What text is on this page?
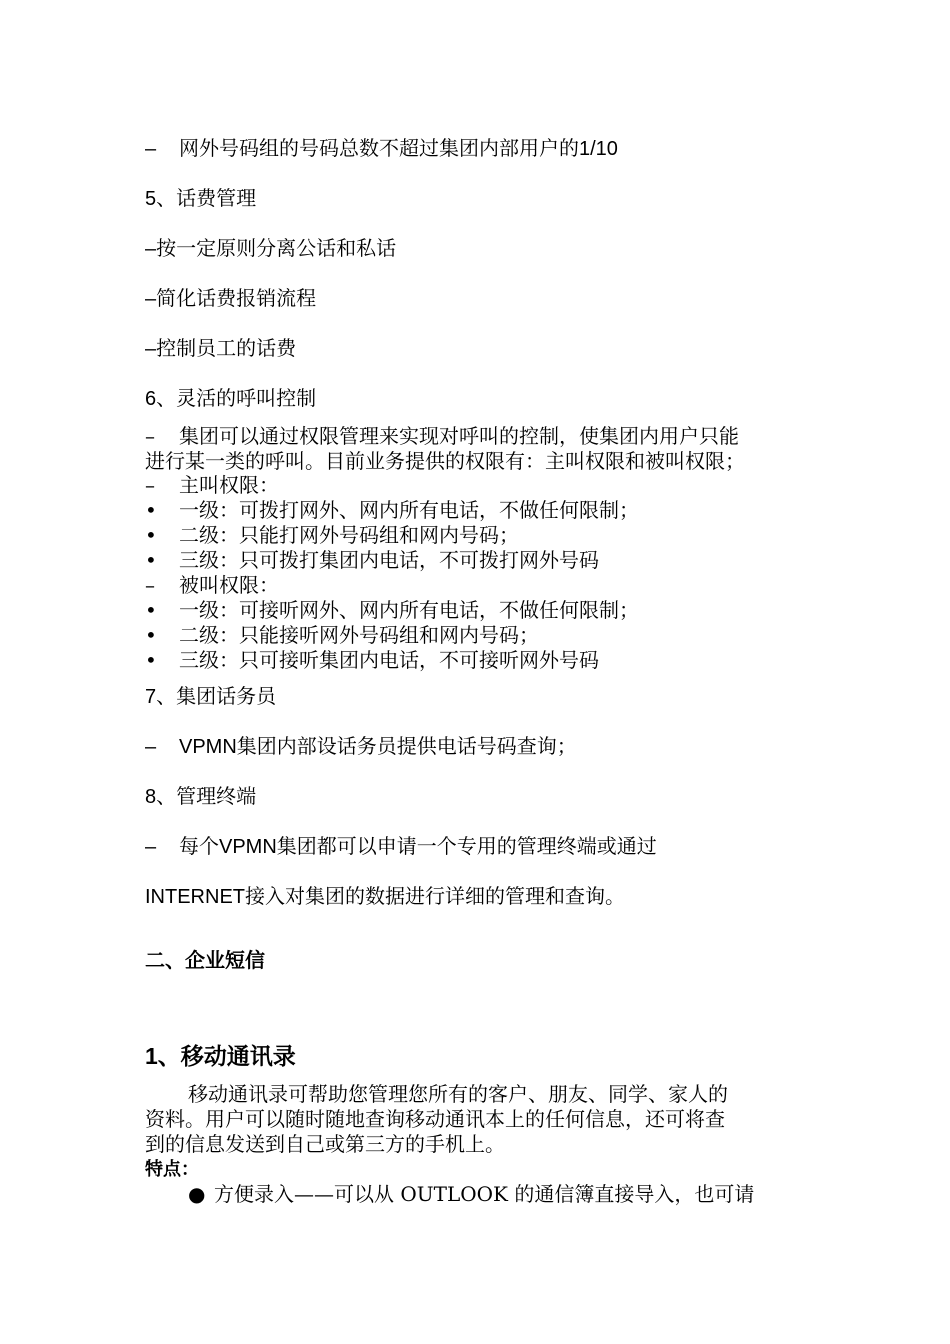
– 网外号码组的号码总数不超过集团内部用户的1/10
5、话费管理
–按一定原则分离公话和私话
–简化话费报销流程
–控制员工的话费
6、灵活的呼叫控制
– 集团可以通过权限管理来实现对呼叫的控制，使集团内用户只能
进行某一类的呼叫。目前业务提供的权限有：主叫权限和被叫权限；
– 主叫权限：
• 一级：可拨打网外、网内所有电话，不做任何限制；
• 二级：只能打网外号码组和网内号码；
• 三级：只可拨打集团内电话，不可拨打网外号码
– 被叫权限：
• 一级：可接听网外、网内所有电话，不做任何限制；
• 二级：只能接听网外号码组和网内号码；
• 三级：只可接听集团内电话，不可接听网外号码
7、集团话务员
– VPMN集团内部设话务员提供电话号码查询；
8、管理终端
– 每个VPMN集团都可以申请一个专用的管理终端或通过
INTERNET接入对集团的数据进行详细的管理和查询。
二、企业短信
1、移动通讯录
移动通讯录可帮助您管理您所有的客户、朋友、同学、家人的
资料。用户可以随时随地查询移动通讯本上的任何信息，还可将查
到的信息发送到自己或第三方的手机上。
特点：
● 方便录入——可以从 OUTLOOK 的通信簿直接导入，也可请
